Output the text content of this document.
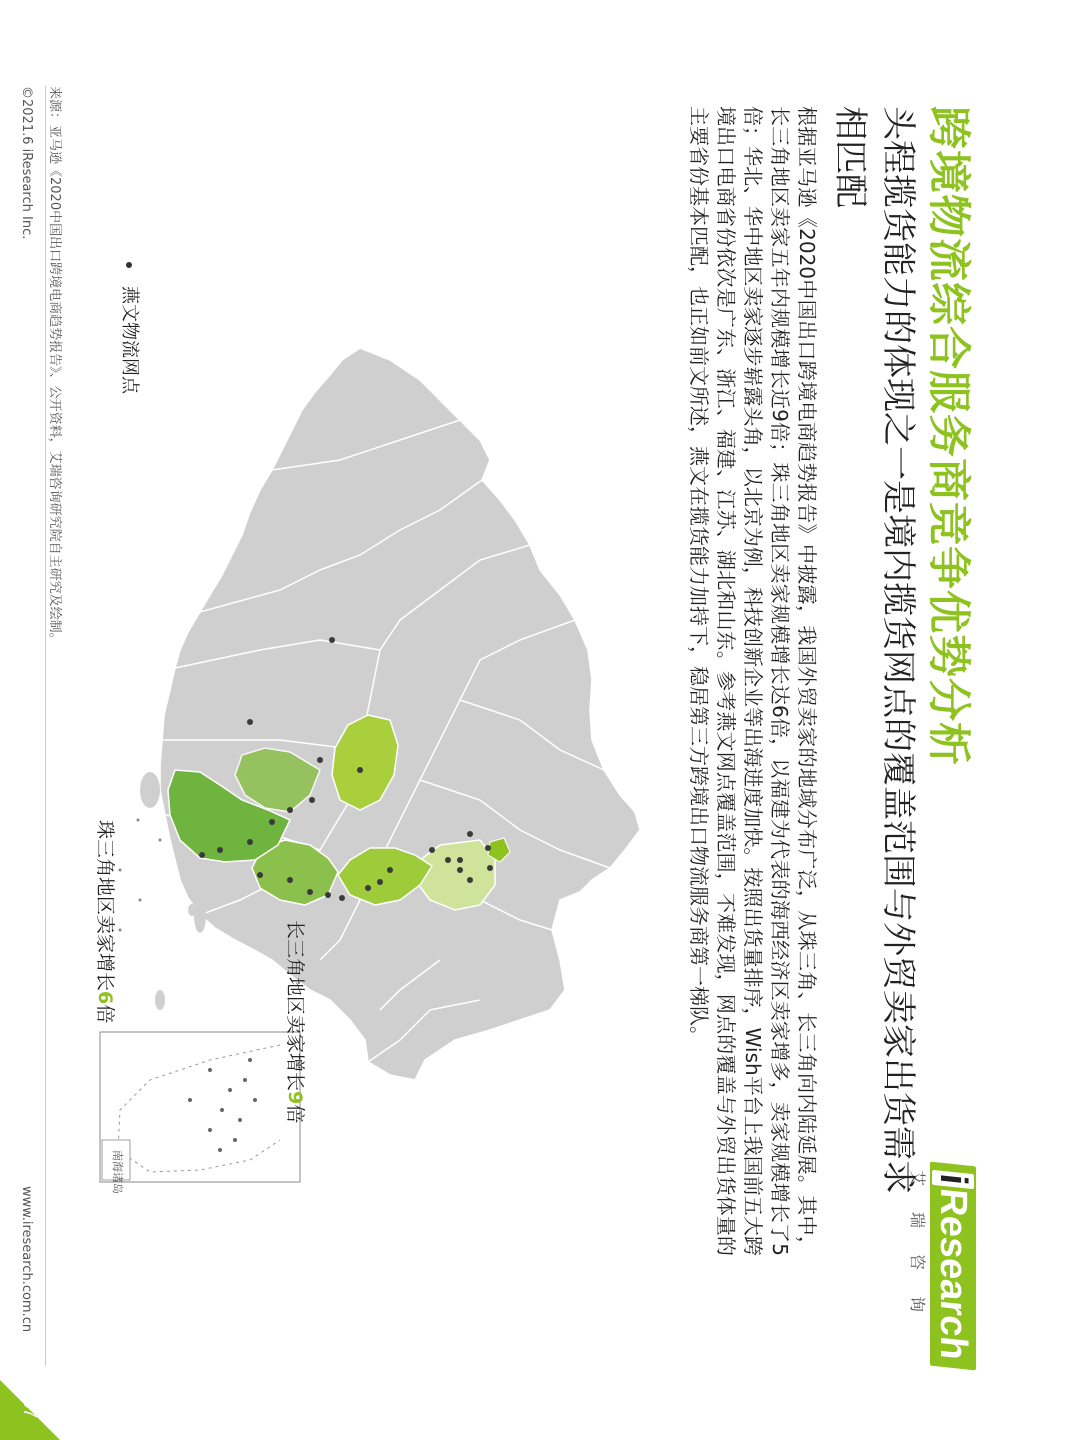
iResearch
艾瑞咨询
跨境物流综合服务商竞争优势分析
头程揽货能力的体现之一是境内揽货网点的覆盖范围与外贸卖家出货需求相匹配
根据亚马逊《2020中国出口跨境电商趋势报告》中披露，我国外贸卖家的地域分布广泛，从珠三角、长三角向内陆延展。其中，长三角地区卖家五年内规模增长近9倍；珠三角地区卖家规模增长达6倍，以福建为代表的海西经济区卖家增多，卖家规模增长了5倍；华北、华中地区卖家逐步崭露头角，以北京为例，科技创新企业等出海进度加快。按照出货量排序，Wish平台上我国前五大跨境出口电商省份依次是广东、浙江、福建、江苏、湖北和山东。参考燕文网点覆盖范围，不难发现，网点的覆盖与外贸出货体量的主要省份基本匹配，也正如前文所述，燕文在揽货能力加持下，稳居第三方跨境出口物流服务商第一梯队。
南海诸岛
燕文物流网点
长三角地区卖家增长9倍
珠三角地区卖家增长6倍
来源：亚马逊《2020中国出口跨境电商趋势报告》、公开资料，艾瑞咨询研究院自主研究及绘制。
©2021.6 iResearch Inc.
www.iresearch.com.cn
37
